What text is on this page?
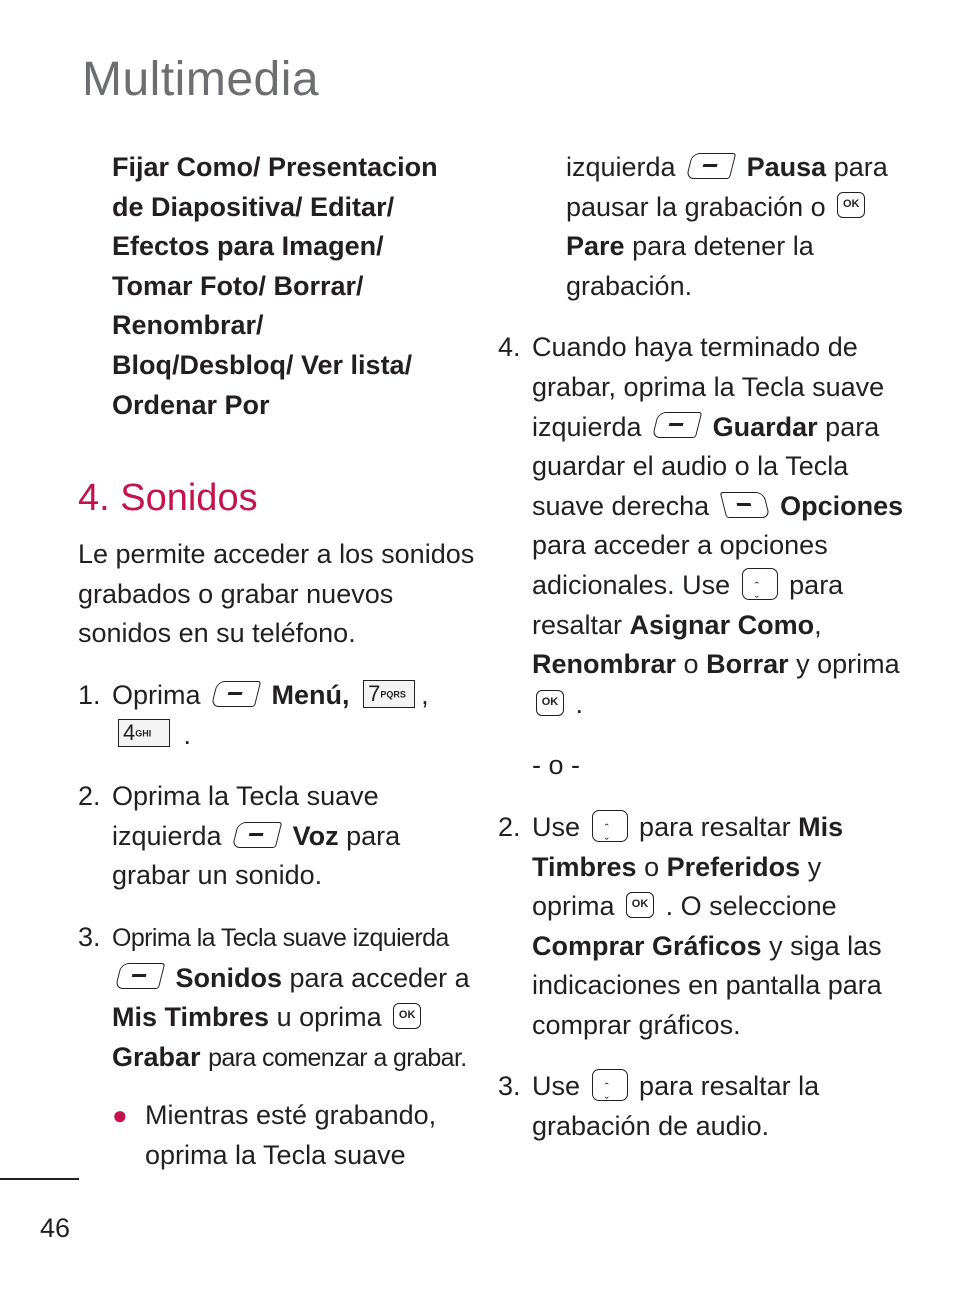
Multimedia
Fijar Como/ Presentacion
de Diapositiva/ Editar/
Efectos para Imagen/
Tomar Foto/ Borrar/
Renombrar/
Bloq/Desbloq/ Ver lista/
Ordenar Por
4. Sonidos

Le permite acceder a los sonidos grabados o grabar nuevos sonidos en su teléfono.

1. Oprima	Menú, 7PQRS , 4GHI .
2. Oprima la Tecla suave izquierda	Voz para grabar un sonido.
3. Oprima la Tecla suave izquierda  Sonidos para acceder a Mis Timbres u oprima OK Grabar para comenzar a grabar.
● Mientras esté grabando, oprima la Tecla suave
izquierda	Pausa para pausar la grabación o OK Pare para detener la grabación.
4. Cuando haya terminado de grabar, oprima la Tecla suave izquierda	Guardar para guardar el audio o la Tecla suave derecha	Opciones para acceder a opciones adicionales. Use ˆ ˇ para resaltar Asignar Como, Renombrar o Borrar y oprima OK .
- o -
2. Use ˆ ˇ para resaltar Mis Timbres o Preferidos y oprima OK . O seleccione Comprar Gráficos y siga las indicaciones en pantalla para comprar gráficos.
3. Use ˆ ˇ para resaltar la grabación de audio.
46
